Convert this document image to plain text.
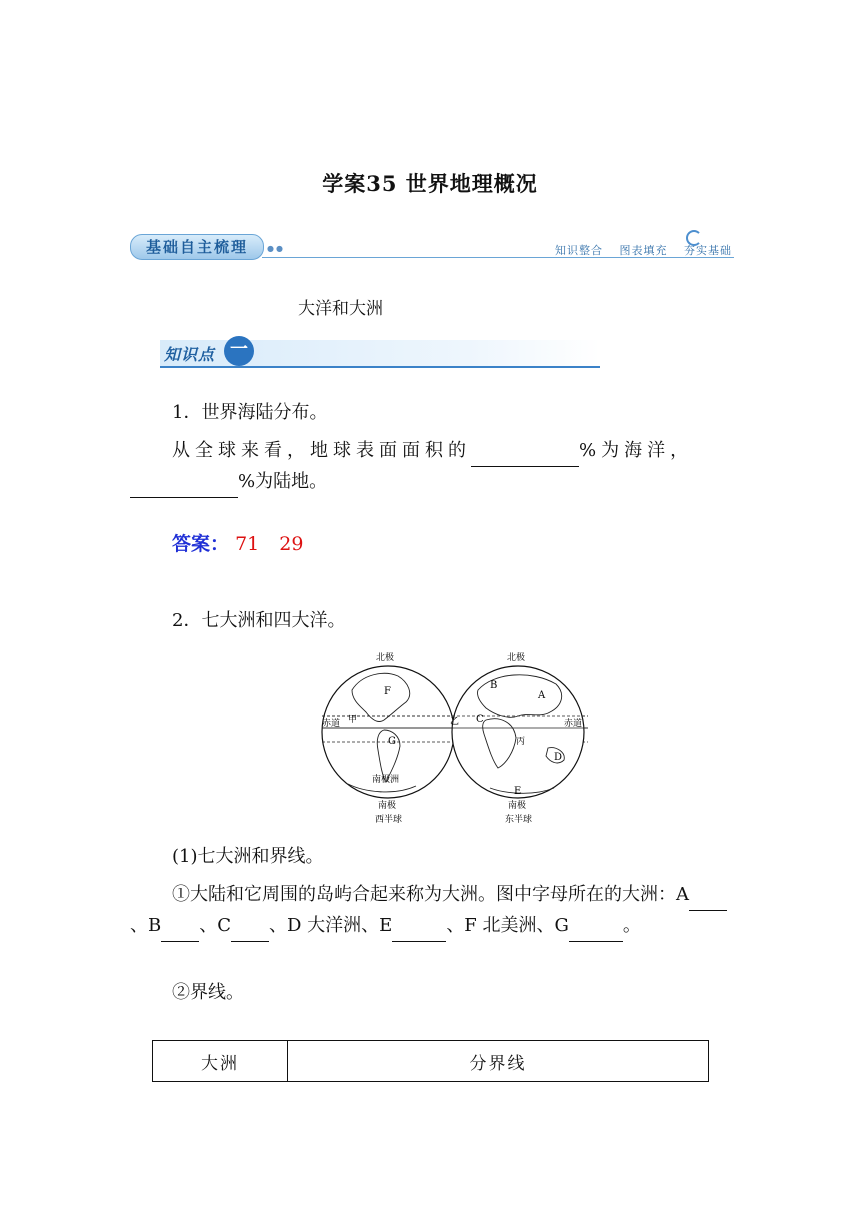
学案35 世界地理概况
基础自主梳理	●●	知识整合 图表填充 夯实基础
大洋和大洲
知识点 一
1．世界海陆分布。
从全球来看，地球表面面积的	%为海洋，
%为陆地。
答案： 71 29
2．七大洲和四大洋。
北极	北极
F
G
甲	乙
赤道	赤道
南极洲
A
B
C
D
E
丙
南极	南极
西半球	东半球
(1)七大洲和界线。
①大陆和它周围的岛屿合起来称为大洲。图中字母所在的大洲：A 、B 、C 、D 大洋洲、E	、F 北美洲、G	。
②界线。
大洲	分界线
